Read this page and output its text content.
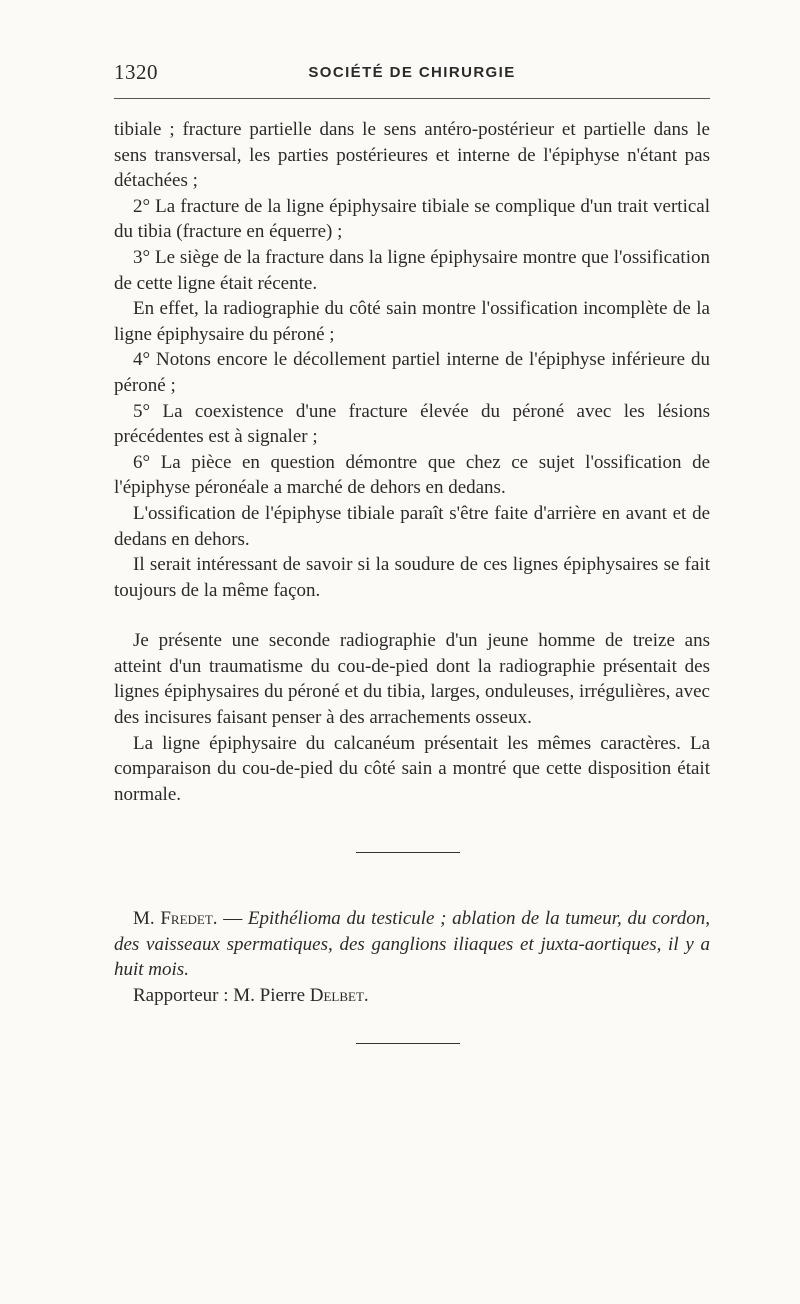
1320	SOCIÉTÉ DE CHIRURGIE

tibiale ; fracture partielle dans le sens antéro-postérieur et partielle dans le sens transversal, les parties postérieures et interne de l'épiphyse n'étant pas détachées ;

2° La fracture de la ligne épiphysaire tibiale se complique d'un trait vertical du tibia (fracture en équerre) ;

3° Le siège de la fracture dans la ligne épiphysaire montre que l'ossification de cette ligne était récente.

En effet, la radiographie du côté sain montre l'ossification incomplète de la ligne épiphysaire du péroné ;

4° Notons encore le décollement partiel interne de l'épiphyse inférieure du péroné ;

5° La coexistence d'une fracture élevée du péroné avec les lésions précédentes est à signaler ;

6° La pièce en question démontre que chez ce sujet l'ossification de l'épiphyse péronéale a marché de dehors en dedans.

L'ossification de l'épiphyse tibiale paraît s'être faite d'arrière en avant et de dedans en dehors.

Il serait intéressant de savoir si la soudure de ces lignes épiphysaires se fait toujours de la même façon.

Je présente une seconde radiographie d'un jeune homme de treize ans atteint d'un traumatisme du cou-de-pied dont la radiographie présentait des lignes épiphysaires du péroné et du tibia, larges, onduleuses, irrégulières, avec des incisures faisant penser à des arrachements osseux.

La ligne épiphysaire du calcanéum présentait les mêmes caractères. La comparaison du cou-de-pied du côté sain a montré que cette disposition était normale.

M. Fredet. — Epithélioma du testicule ; ablation de la tumeur, du cordon, des vaisseaux spermatiques, des ganglions iliaques et juxta-aortiques, il y a huit mois.

Rapporteur : M. Pierre Delbet.
